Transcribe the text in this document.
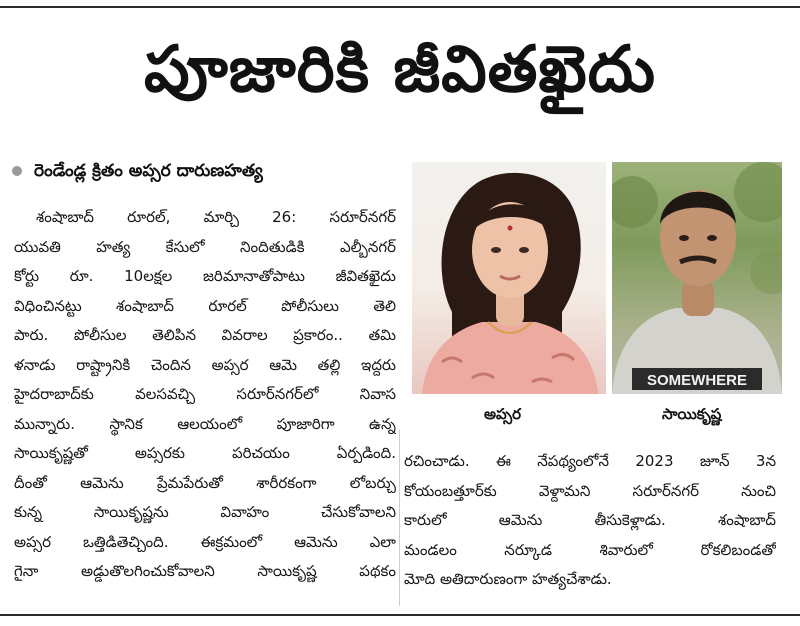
పూజారికి జీవితఖైదు
రెండేండ్ల క్రితం అప్సర దారుణహత్య
శంషాబాద్ రూరల్, మార్చి 26: సరూర్‌నగర్
యువతి హత్య కేసులో నిందితుడికి ఎల్బీనగర్
కోర్టు రూ. 10లక్షల జరిమానాతోపాటు జీవితఖైదు
విధించినట్టు శంషాబాద్ రూరల్ పోలీసులు తెలి
పారు. పోలీసుల తెలిపిన వివరాల ప్రకారం.. తమి
ళనాడు రాష్ట్రానికి చెందిన అప్సర ఆమె తల్లి ఇద్దరు
హైదరాబాద్‌కు వలసవచ్చి సరూర్‌నగర్‌లో నివాస
మున్నారు. స్థానిక ఆలయంలో పూజారిగా ఉన్న
సాయికృష్ణతో అప్సరకు పరిచయం ఏర్పడింది.
దీంతో ఆమెను ప్రేమపేరుతో శారీరకంగా లోబర్చు
కున్న సాయికృష్ణను వివాహం చేసుకోవాలని
అప్సర ఒత్తిడితెచ్చింది. ఈక్రమంలో ఆమెను ఎలా
గైనా అడ్డుతొలగించుకోవాలని సాయికృష్ణ పథకం
SOMEWHERE
అప్సర	సాయికృష్ణ
రచించాడు. ఈ నేపథ్యంలోనే 2023 జూన్ 3న
కోయంబత్తూర్‌కు వెళ్దామని సరూర్‌నగర్ నుంచి
కారులో ఆమెను తీసుకెళ్లాడు. శంషాబాద్
మండలం నర్కూడ శివారులో రోకలిబండతో
మోది అతిదారుణంగా హత్యచేశాడు.
